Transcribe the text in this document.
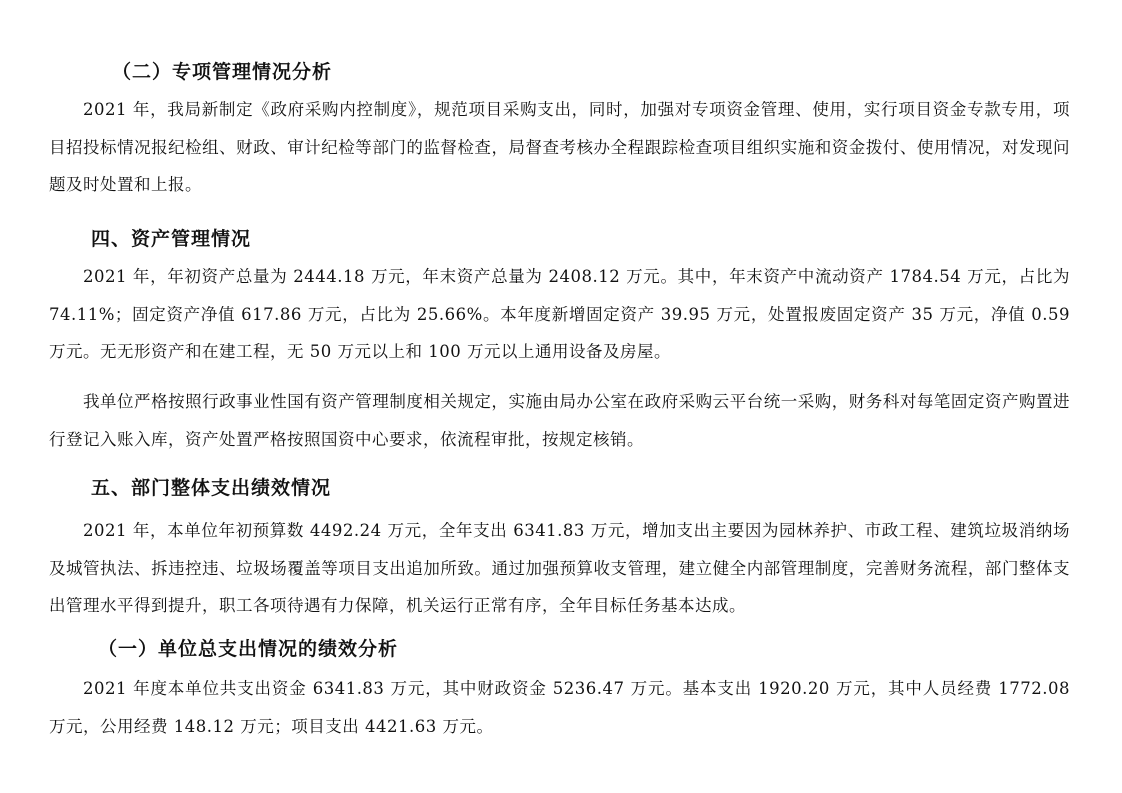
（二）专项管理情况分析

2021 年，我局新制定《政府采购内控制度》，规范项目采购支出，同时，加强对专项资金管理、使用，实行项目资金专款专用，项目招投标情况报纪检组、财政、审计纪检等部门的监督检查，局督查考核办全程跟踪检查项目组织实施和资金拨付、使用情况，对发现问题及时处置和上报。

四、资产管理情况

2021 年，年初资产总量为 2444.18 万元，年末资产总量为 2408.12 万元。其中，年末资产中流动资产 1784.54 万元，占比为 74.11%；固定资产净值 617.86 万元，占比为 25.66%。本年度新增固定资产 39.95 万元，处置报废固定资产 35 万元，净值 0.59 万元。无无形资产和在建工程，无 50 万元以上和 100 万元以上通用设备及房屋。

我单位严格按照行政事业性国有资产管理制度相关规定，实施由局办公室在政府采购云平台统一采购，财务科对每笔固定资产购置进行登记入账入库，资产处置严格按照国资中心要求，依流程审批，按规定核销。

五、部门整体支出绩效情况

2021 年，本单位年初预算数 4492.24 万元，全年支出 6341.83 万元，增加支出主要因为园林养护、市政工程、建筑垃圾消纳场及城管执法、拆违控违、垃圾场覆盖等项目支出追加所致。通过加强预算收支管理，建立健全内部管理制度，完善财务流程，部门整体支出管理水平得到提升，职工各项待遇有力保障，机关运行正常有序，全年目标任务基本达成。

（一）单位总支出情况的绩效分析

2021 年度本单位共支出资金 6341.83 万元，其中财政资金 5236.47 万元。基本支出 1920.20 万元，其中人员经费 1772.08 万元，公用经费 148.12 万元；项目支出 4421.63 万元。
